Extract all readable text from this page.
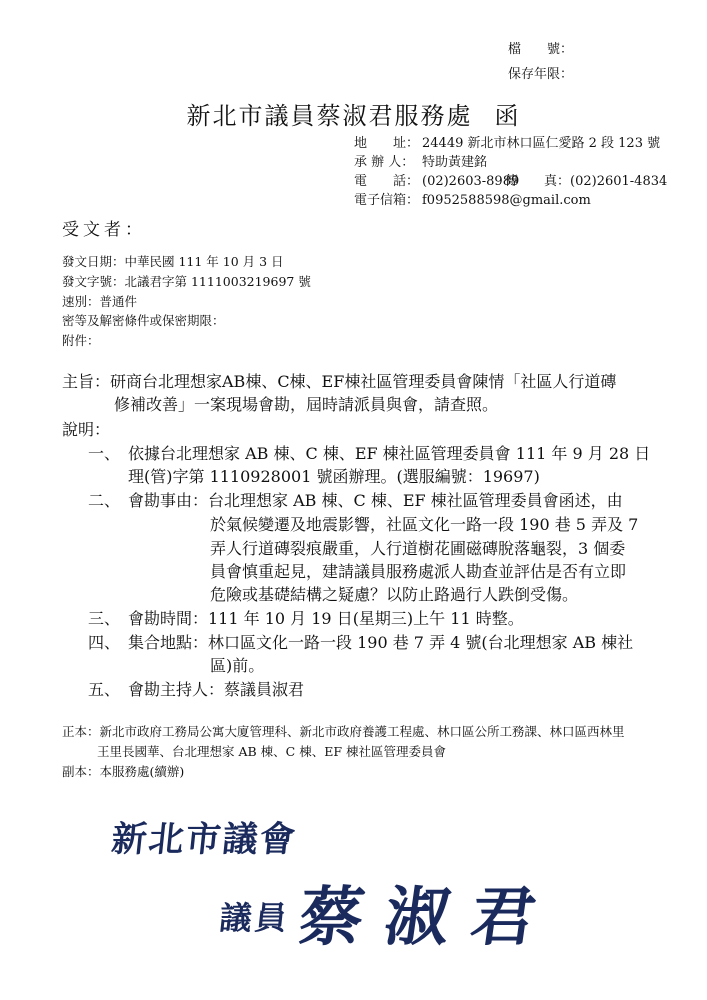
檔　　號：
保存年限：
新北市議員蔡淑君服務處 函
地　　址： 24449 新北市林口區仁愛路 2 段 123 號
承 辦 人： 特助黃建銘
電　　話： (02)2603-8989
傳　　真：(02)2601-4834
電子信箱： f0952588598@gmail.com
受文者：
發文日期：中華民國 111 年 10 月 3 日
發文字號：北議君字第 1111003219697 號
速別：普通件
密等及解密條件或保密期限：
附件：
主旨：研商台北理想家AB棟、C棟、EF棟社區管理委員會陳情「社區人行道磚
修補改善」一案現場會勘，屆時請派員與會，請查照。
說明：
一、 依據台北理想家 AB 棟、C 棟、EF 棟社區管理委員會 111 年 9 月 28 日
理(管)字第 1110928001 號函辦理。(選服編號：19697)
二、 會勘事由：台北理想家 AB 棟、C 棟、EF 棟社區管理委員會函述，由
於氣候變遷及地震影響，社區文化一路一段 190 巷 5 弄及 7
弄人行道磚裂痕嚴重，人行道樹花圃磁磚脫落龜裂，3 個委
員會慎重起見，建請議員服務處派人勘查並評估是否有立即
危險或基礎結構之疑慮？以防止路過行人跌倒受傷。
三、 會勘時間：111 年 10 月 19 日(星期三)上午 11 時整。
四、 集合地點：林口區文化一路一段 190 巷 7 弄 4 號(台北理想家 AB 棟社
區)前。
五、 會勘主持人：蔡議員淑君
正本：新北市政府工務局公寓大廈管理科、新北市政府養護工程處、林口區公所工務課、林口區西林里
王里長國華、台北理想家 AB 棟、C 棟、EF 棟社區管理委員會
副本：本服務處(續辦)
新北市議會
議員 蔡淑君
